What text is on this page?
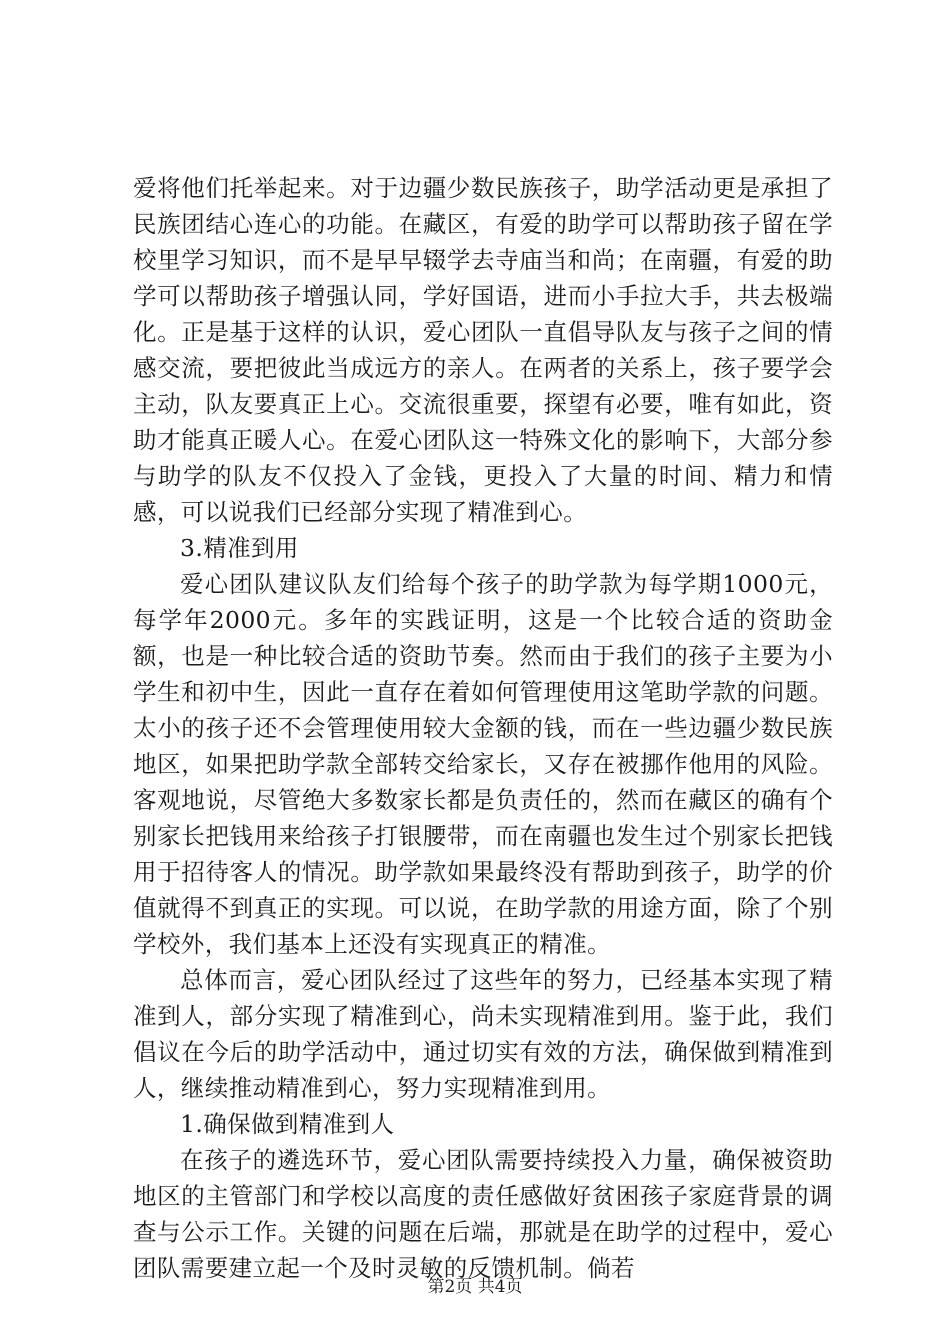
爱将他们托举起来。对于边疆少数民族孩子，助学活动更是承担了民族团结心连心的功能。在藏区，有爱的助学可以帮助孩子留在学校里学习知识，而不是早早辍学去寺庙当和尚；在南疆，有爱的助学可以帮助孩子增强认同，学好国语，进而小手拉大手，共去极端化。正是基于这样的认识，爱心团队一直倡导队友与孩子之间的情感交流，要把彼此当成远方的亲人。在两者的关系上，孩子要学会主动，队友要真正上心。交流很重要，探望有必要，唯有如此，资助才能真正暖人心。在爱心团队这一特殊文化的影响下，大部分参与助学的队友不仅投入了金钱，更投入了大量的时间、精力和情感，可以说我们已经部分实现了精准到心。

3.精准到用

爱心团队建议队友们给每个孩子的助学款为每学期1000元，每学年2000元。多年的实践证明，这是一个比较合适的资助金额，也是一种比较合适的资助节奏。然而由于我们的孩子主要为小学生和初中生，因此一直存在着如何管理使用这笔助学款的问题。太小的孩子还不会管理使用较大金额的钱，而在一些边疆少数民族地区，如果把助学款全部转交给家长，又存在被挪作他用的风险。客观地说，尽管绝大多数家长都是负责任的，然而在藏区的确有个别家长把钱用来给孩子打银腰带，而在南疆也发生过个别家长把钱用于招待客人的情况。助学款如果最终没有帮助到孩子，助学的价值就得不到真正的实现。可以说，在助学款的用途方面，除了个别学校外，我们基本上还没有实现真正的精准。

总体而言，爱心团队经过了这些年的努力，已经基本实现了精准到人，部分实现了精准到心，尚未实现精准到用。鉴于此，我们倡议在今后的助学活动中，通过切实有效的方法，确保做到精准到人，继续推动精准到心，努力实现精准到用。

1.确保做到精准到人

在孩子的遴选环节，爱心团队需要持续投入力量，确保被资助地区的主管部门和学校以高度的责任感做好贫困孩子家庭背景的调查与公示工作。关键的问题在后端，那就是在助学的过程中，爱心团队需要建立起一个及时灵敏的反馈机制。倘若

第2页 共4页
